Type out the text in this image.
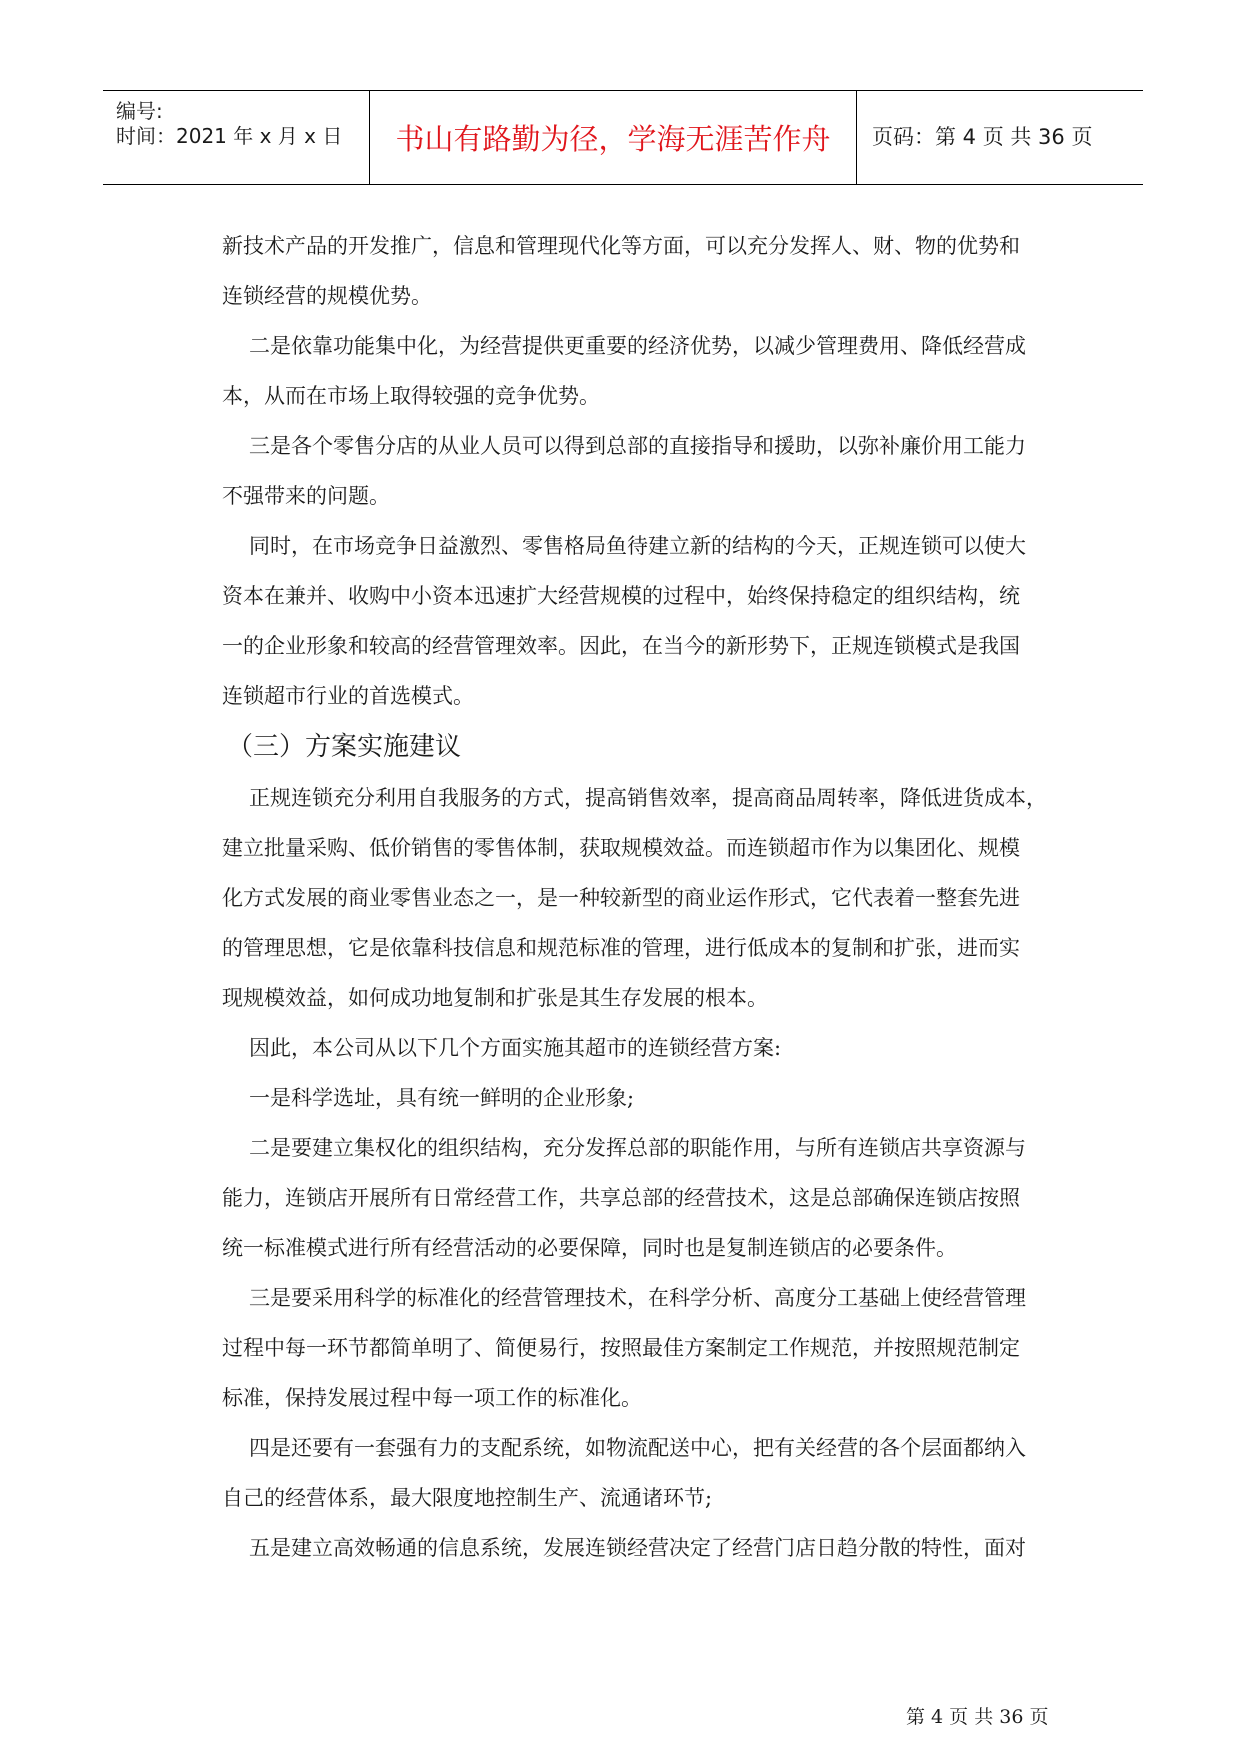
编号:
时间：2021 年 x 月 x 日	书山有路勤为径，学海无涯苦作舟	页码：第 4 页 共 36 页
新技术产品的开发推广，信息和管理现代化等方面，可以充分发挥人、财、物的优势和
连锁经营的规模优势。
二是依靠功能集中化，为经营提供更重要的经济优势，以减少管理费用、降低经营成
本，从而在市场上取得较强的竞争优势。
三是各个零售分店的从业人员可以得到总部的直接指导和援助，以弥补廉价用工能力
不强带来的问题。
同时，在市场竞争日益激烈、零售格局鱼待建立新的结构的今天，正规连锁可以使大
资本在兼并、收购中小资本迅速扩大经营规模的过程中，始终保持稳定的组织结构，统
一的企业形象和较高的经营管理效率。因此，在当今的新形势下，正规连锁模式是我国
连锁超市行业的首选模式。
（三）方案实施建议
正规连锁充分利用自我服务的方式，提高销售效率，提高商品周转率，降低进货成本，
建立批量采购、低价销售的零售体制，获取规模效益。而连锁超市作为以集团化、规模
化方式发展的商业零售业态之一，是一种较新型的商业运作形式，它代表着一整套先进
的管理思想，它是依靠科技信息和规范标准的管理，进行低成本的复制和扩张，进而实
现规模效益，如何成功地复制和扩张是其生存发展的根本。
因此，本公司从以下几个方面实施其超市的连锁经营方案:
一是科学选址，具有统一鲜明的企业形象;
二是要建立集权化的组织结构，充分发挥总部的职能作用，与所有连锁店共享资源与
能力，连锁店开展所有日常经营工作，共享总部的经营技术，这是总部确保连锁店按照
统一标准模式进行所有经营活动的必要保障，同时也是复制连锁店的必要条件。
三是要采用科学的标准化的经营管理技术，在科学分析、高度分工基础上使经营管理
过程中每一环节都简单明了、简便易行，按照最佳方案制定工作规范，并按照规范制定
标准，保持发展过程中每一项工作的标准化。
四是还要有一套强有力的支配系统，如物流配送中心，把有关经营的各个层面都纳入
自己的经营体系，最大限度地控制生产、流通诸环节;
五是建立高效畅通的信息系统，发展连锁经营决定了经营门店日趋分散的特性，面对
第 4 页 共 36 页
